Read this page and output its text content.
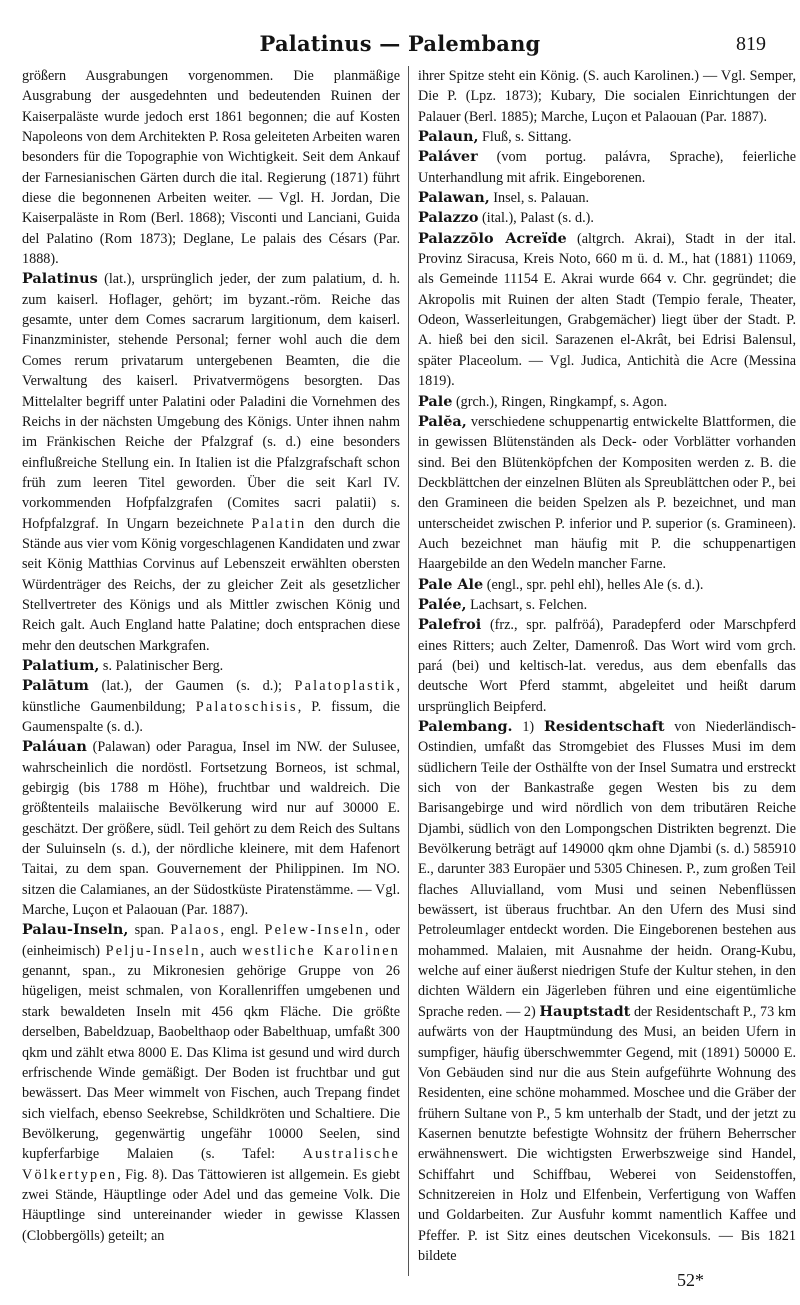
Palatinus — Palembang	819

größern Ausgrabungen vorgenommen. Die planmäßige Ausgrabung der ausgedehnten und bedeutenden Ruinen der Kaiserpaläste wurde jedoch erst 1861 begonnen; die auf Kosten Napoleons von dem Architekten P. Rosa geleiteten Arbeiten waren besonders für die Topographie von Wichtigkeit. Seit dem Ankauf der Farnesianischen Gärten durch die ital. Regierung (1871) führt diese die begonnenen Arbeiten weiter. — Vgl. H. Jordan, Die Kaiserpaläste in Rom (Berl. 1868); Visconti und Lanciani, Guida del Palatino (Rom 1873); Deglane, Le palais des Césars (Par. 1888).

Palatinus (lat.), ursprünglich jeder, der zum palatium, d. h. zum kaiserl. Hoflager, gehört; im byzant.-röm. Reiche das gesamte, unter dem Comes sacrarum largitionum, dem kaiserl. Finanzminister, stehende Personal; ferner wohl auch die dem Comes rerum privatarum untergebenen Beamten, die die Verwaltung des kaiserl. Privatvermögens besorgten. Das Mittelalter begriff unter Palatini oder Paladini die Vornehmen des Reichs in der nächsten Umgebung des Königs. Unter ihnen nahm im Fränkischen Reiche der Pfalzgraf (s. d.) eine besonders einflußreiche Stellung ein. In Italien ist die Pfalzgrafschaft schon früh zum leeren Titel geworden. Über die seit Karl IV. vorkommenden Hofpfalzgrafen (Comites sacri palatii) s. Hofpfalzgraf. In Ungarn bezeichnete Palatin den durch die Stände aus vier vom König vorgeschlagenen Kandidaten und zwar seit König Matthias Corvinus auf Lebenszeit erwählten obersten Würdenträger des Reichs, der zu gleicher Zeit als gesetzlicher Stellvertreter des Königs und als Mittler zwischen König und Reich galt. Auch England hatte Palatine; doch entsprachen diese mehr den deutschen Markgrafen.

Palatium, s. Palatinischer Berg.

Palātum (lat.), der Gaumen (s. d.); Palatoplastik, künstliche Gaumenbildung; Palatoschisis, P. fissum, die Gaumenspalte (s. d.).

Paláuan (Palawan) oder Paragua, Insel im NW. der Sulusee, wahrscheinlich die nordöstl. Fortsetzung Borneos, ist schmal, gebirgig (bis 1788 m Höhe), fruchtbar und waldreich. Die größtenteils malaiische Bevölkerung wird nur auf 30000 E. geschätzt. Der größere, südl. Teil gehört zu dem Reich des Sultans der Suluinseln (s. d.), der nördliche kleinere, mit dem Hafenort Taitai, zu dem span. Gouvernement der Philippinen. Im NO. sitzen die Calamianes, an der Südostküste Piratenstämme. — Vgl. Marche, Luçon et Palaouan (Par. 1887).

Palau-Inseln, span. Palaos, engl. Pelew-Inseln, oder (einheimisch) Pelju-Inseln, auch westliche Karolinen genannt, span., zu Mikronesien gehörige Gruppe von 26 hügeligen, meist schmalen, von Korallenriffen umgebenen und stark bewaldeten Inseln mit 456 qkm Fläche. Die größte derselben, Babeldzuap, Baobelthaop oder Babelthuap, umfaßt 300 qkm und zählt etwa 8000 E. Das Klima ist gesund und wird durch erfrischende Winde gemäßigt. Der Boden ist fruchtbar und gut bewässert. Das Meer wimmelt von Fischen, auch Trepang findet sich vielfach, ebenso Seekrebse, Schildkröten und Schaltiere. Die Bevölkerung, gegenwärtig ungefähr 10000 Seelen, sind kupferfarbige Malaien (s. Tafel: Australische Völkertypen, Fig. 8). Das Tättowieren ist allgemein. Es giebt zwei Stände, Häuptlinge oder Adel und das gemeine Volk. Die Häuptlinge sind untereinander wieder in gewisse Klassen (Clobbergölls) geteilt; an

ihrer Spitze steht ein König. (S. auch Karolinen.) — Vgl. Semper, Die P. (Lpz. 1873); Kubary, Die socialen Einrichtungen der Palauer (Berl. 1885); Marche, Luçon et Palaouan (Par. 1887).

Palaun, Fluß, s. Sittang.

Paláver (vom portug. palávra, Sprache), feierliche Unterhandlung mit afrik. Eingeborenen.

Palawan, Insel, s. Palauan.

Palazzo (ital.), Palast (s. d.).

Palazzōlo Acreïde (altgrch. Akrai), Stadt in der ital. Provinz Siracusa, Kreis Noto, 660 m ü. d. M., hat (1881) 11069, als Gemeinde 11154 E. Akrai wurde 664 v. Chr. gegründet; die Akropolis mit Ruinen der alten Stadt (Tempio ferale, Theater, Odeon, Wasserleitungen, Grabgemächer) liegt über der Stadt. P. A. hieß bei den sicil. Sarazenen el-Akrât, bei Edrisi Balensul, später Placeolum. — Vgl. Judica, Antichità die Acre (Messina 1819).

Pale (grch.), Ringen, Ringkampf, s. Agon.

Palĕa, verschiedene schuppenartig entwickelte Blattformen, die in gewissen Blütenständen als Deck- oder Vorblätter vorhanden sind. Bei den Blütenköpfchen der Kompositen werden z. B. die Deckblättchen der einzelnen Blüten als Spreublättchen oder P., bei den Gramineen die beiden Spelzen als P. bezeichnet, und man unterscheidet zwischen P. inferior und P. superior (s. Gramineen). Auch bezeichnet man häufig mit P. die schuppenartigen Haargebilde an den Wedeln mancher Farne.

Pale Ale (engl., spr. pehl ehl), helles Ale (s. d.).

Palée, Lachsart, s. Felchen.

Palefroi (frz., spr. palfröá), Paradepferd oder Marschpferd eines Ritters; auch Zelter, Damenroß. Das Wort wird vom grch. pará (bei) und keltisch-lat. veredus, aus dem ebenfalls das deutsche Wort Pferd stammt, abgeleitet und heißt darum ursprünglich Beipferd.

Palembang. 1) Residentschaft von Niederländisch-Ostindien, umfaßt das Stromgebiet des Flusses Musi im dem südlichern Teile der Osthälfte von der Insel Sumatra und erstreckt sich von der Bankastraße gegen Westen bis zu dem Barisangebirge und wird nördlich von dem tributären Reiche Djambi, südlich von den Lompongschen Distrikten begrenzt. Die Bevölkerung beträgt auf 149000 qkm ohne Djambi (s. d.) 585910 E., darunter 383 Europäer und 5305 Chinesen. P., zum großen Teil flaches Alluvialland, vom Musi und seinen Nebenflüssen bewässert, ist überaus fruchtbar. An den Ufern des Musi sind Petroleumlager entdeckt worden. Die Eingeborenen bestehen aus mohammed. Malaien, mit Ausnahme der heidn. Orang-Kubu, welche auf einer äußerst niedrigen Stufe der Kultur stehen, in den dichten Wäldern ein Jägerleben führen und eine eigentümliche Sprache reden. — 2) Hauptstadt der Residentschaft P., 73 km aufwärts von der Hauptmündung des Musi, an beiden Ufern in sumpfiger, häufig überschwemmter Gegend, mit (1891) 50000 E. Von Gebäuden sind nur die aus Stein aufgeführte Wohnung des Residenten, eine schöne mohammed. Moschee und die Gräber der frühern Sultane von P., 5 km unterhalb der Stadt, und der jetzt zu Kasernen benutzte befestigte Wohnsitz der frühern Beherrscher erwähnenswert. Die wichtigsten Erwerbszweige sind Handel, Schiffahrt und Schiffbau, Weberei von Seidenstoffen, Schnitzereien in Holz und Elfenbein, Verfertigung von Waffen und Goldarbeiten. Zur Ausfuhr kommt namentlich Kaffee und Pfeffer. P. ist Sitz eines deutschen Vicekonsuls. — Bis 1821 bildete

52*
